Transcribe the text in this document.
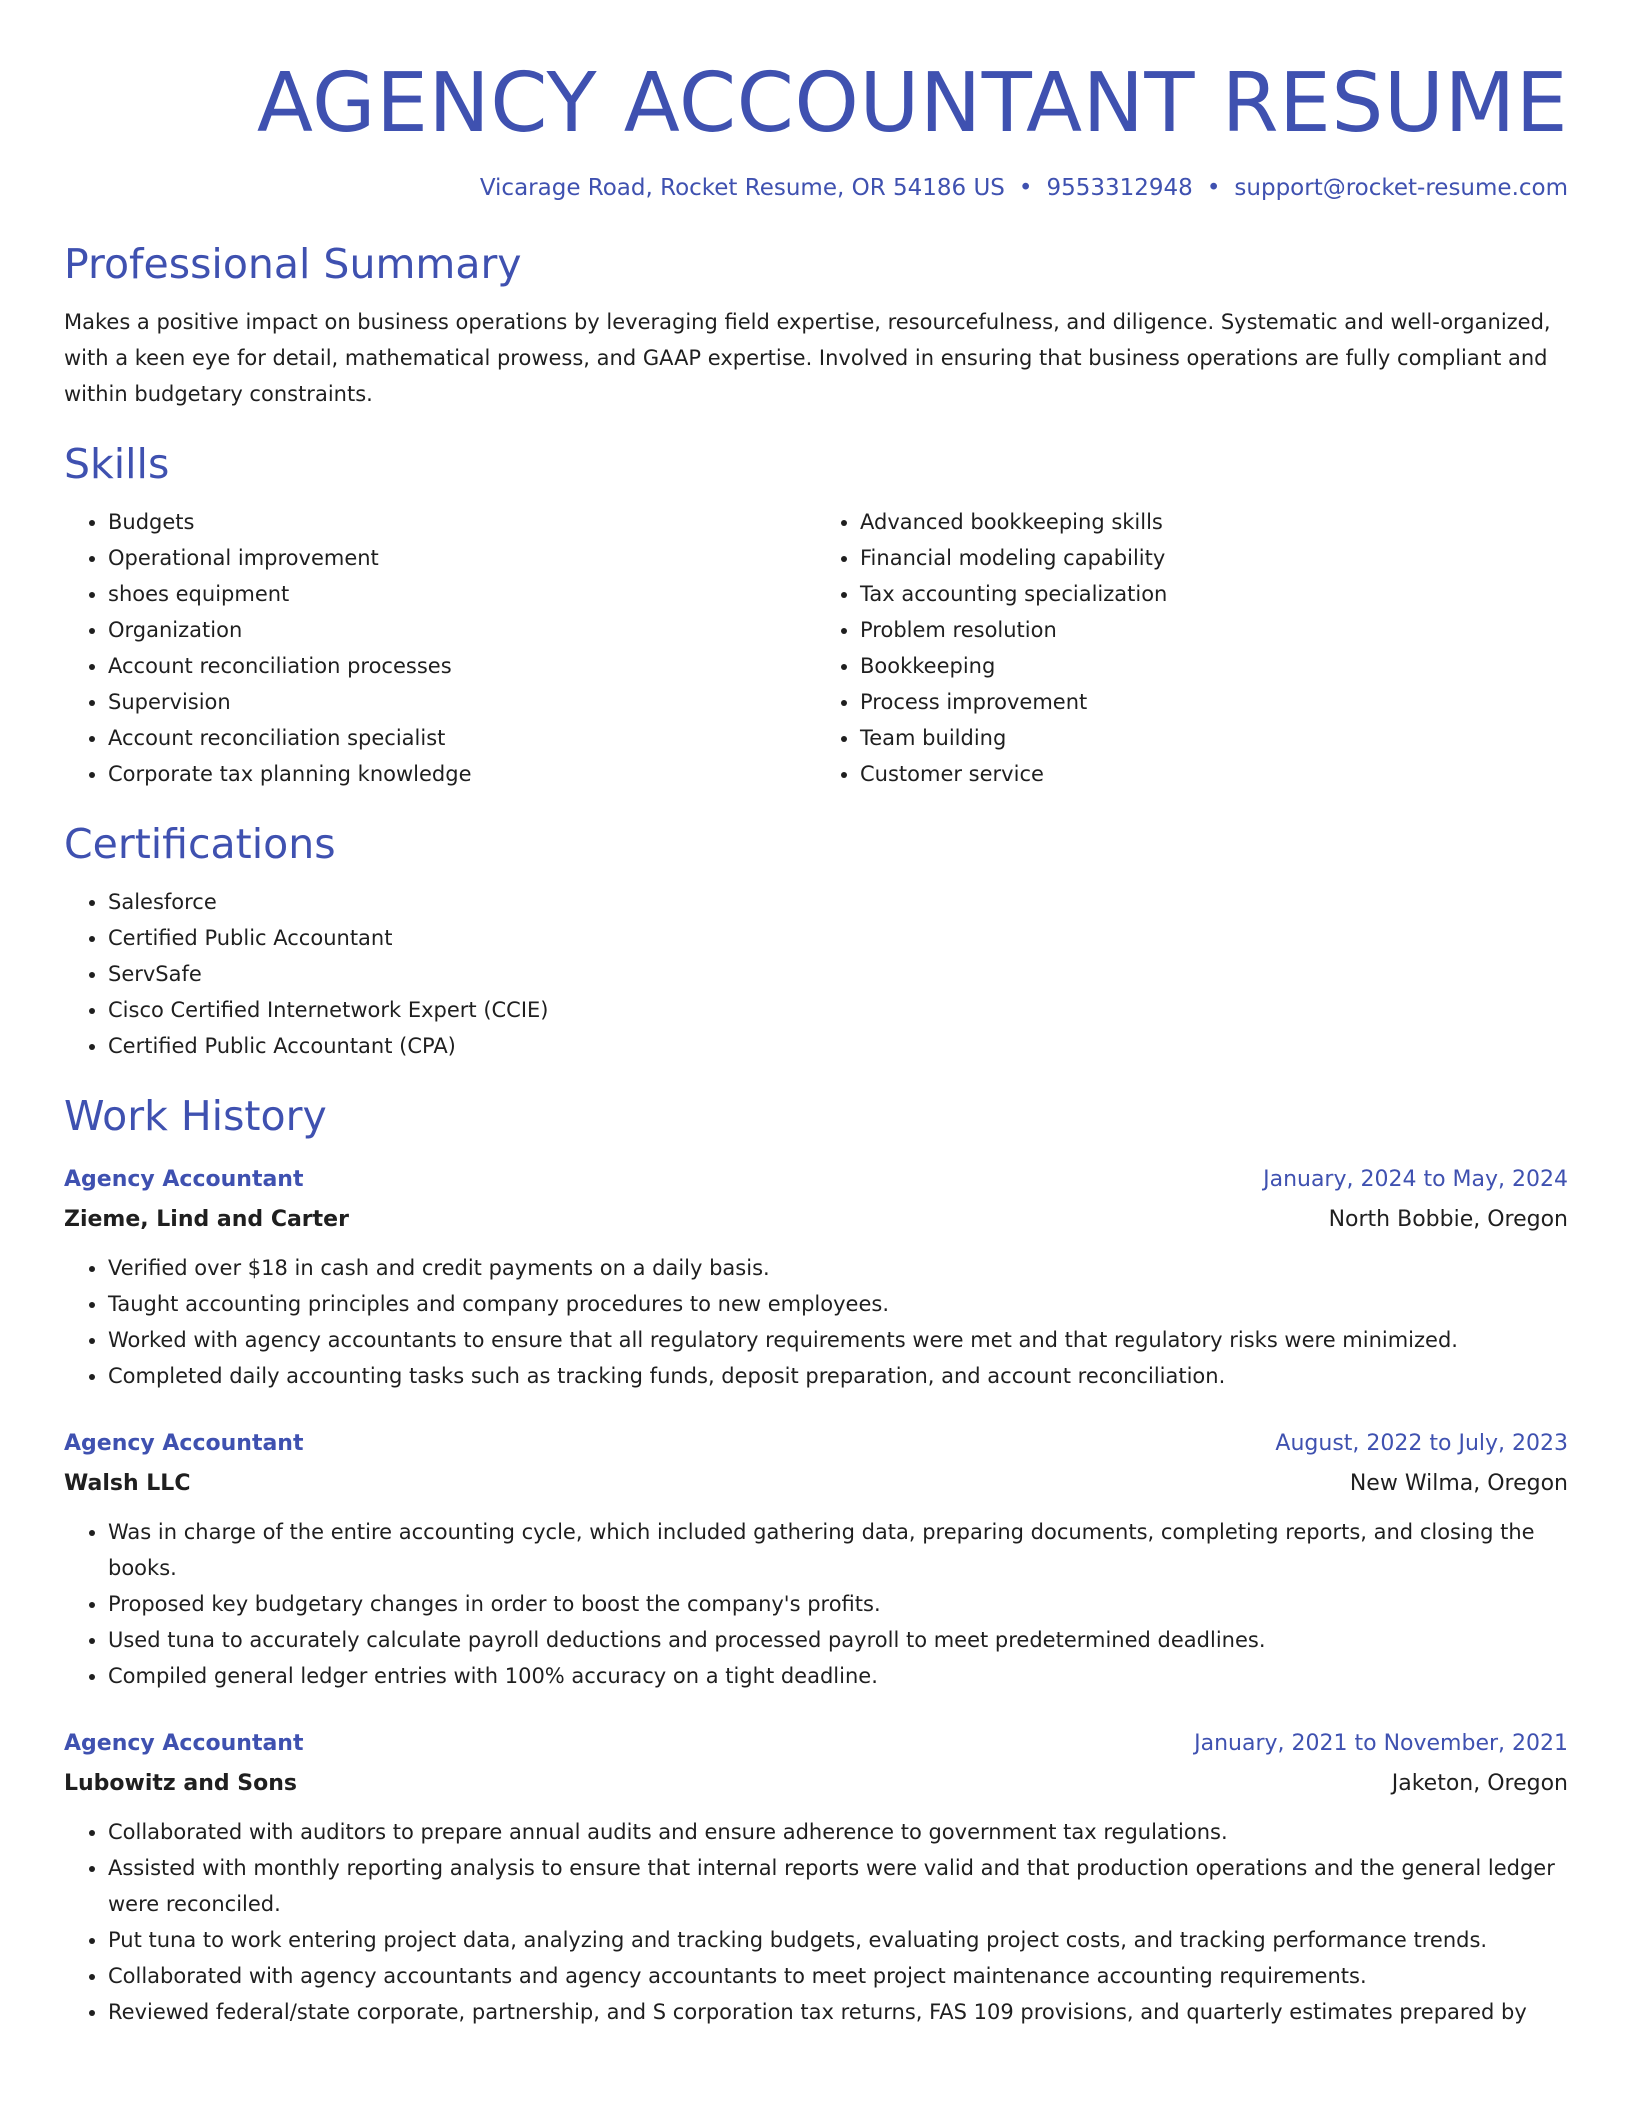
AGENCY ACCOUNTANT RESUME
Vicarage Road, Rocket Resume, OR 54186 US • 9553312948 • support@rocket-resume.com
Professional Summary

Makes a positive impact on business operations by leveraging field expertise, resourcefulness, and diligence. Systematic and well-organized, with a keen eye for detail, mathematical prowess, and GAAP expertise. Involved in ensuring that business operations are fully compliant and within budgetary constraints.

Skills
• Budgets
• Operational improvement
• shoes equipment
• Organization
• Account reconciliation processes
• Supervision
• Account reconciliation specialist
• Corporate tax planning knowledge
• Advanced bookkeeping skills
• Financial modeling capability
• Tax accounting specialization
• Problem resolution
• Bookkeeping
• Process improvement
• Team building
• Customer service
Certifications
• Salesforce
• Certified Public Accountant
• ServSafe
• Cisco Certified Internetwork Expert (CCIE)
• Certified Public Accountant (CPA)
Work History
Agency Accountant	January, 2024 to May, 2024
Zieme, Lind and Carter	North Bobbie, Oregon
• Verified over $18 in cash and credit payments on a daily basis.
• Taught accounting principles and company procedures to new employees.
• Worked with agency accountants to ensure that all regulatory requirements were met and that regulatory risks were minimized.
• Completed daily accounting tasks such as tracking funds, deposit preparation, and account reconciliation.
Agency Accountant	August, 2022 to July, 2023
Walsh LLC	New Wilma, Oregon
• Was in charge of the entire accounting cycle, which included gathering data, preparing documents, completing reports, and closing the books.
• Proposed key budgetary changes in order to boost the company's profits.
• Used tuna to accurately calculate payroll deductions and processed payroll to meet predetermined deadlines.
• Compiled general ledger entries with 100% accuracy on a tight deadline.
Agency Accountant	January, 2021 to November, 2021
Lubowitz and Sons	Jaketon, Oregon
• Collaborated with auditors to prepare annual audits and ensure adherence to government tax regulations.
• Assisted with monthly reporting analysis to ensure that internal reports were valid and that production operations and the general ledger were reconciled.
• Put tuna to work entering project data, analyzing and tracking budgets, evaluating project costs, and tracking performance trends.
• Collaborated with agency accountants and agency accountants to meet project maintenance accounting requirements.
• Reviewed federal/state corporate, partnership, and S corporation tax returns, FAS 109 provisions, and quarterly estimates prepared by
